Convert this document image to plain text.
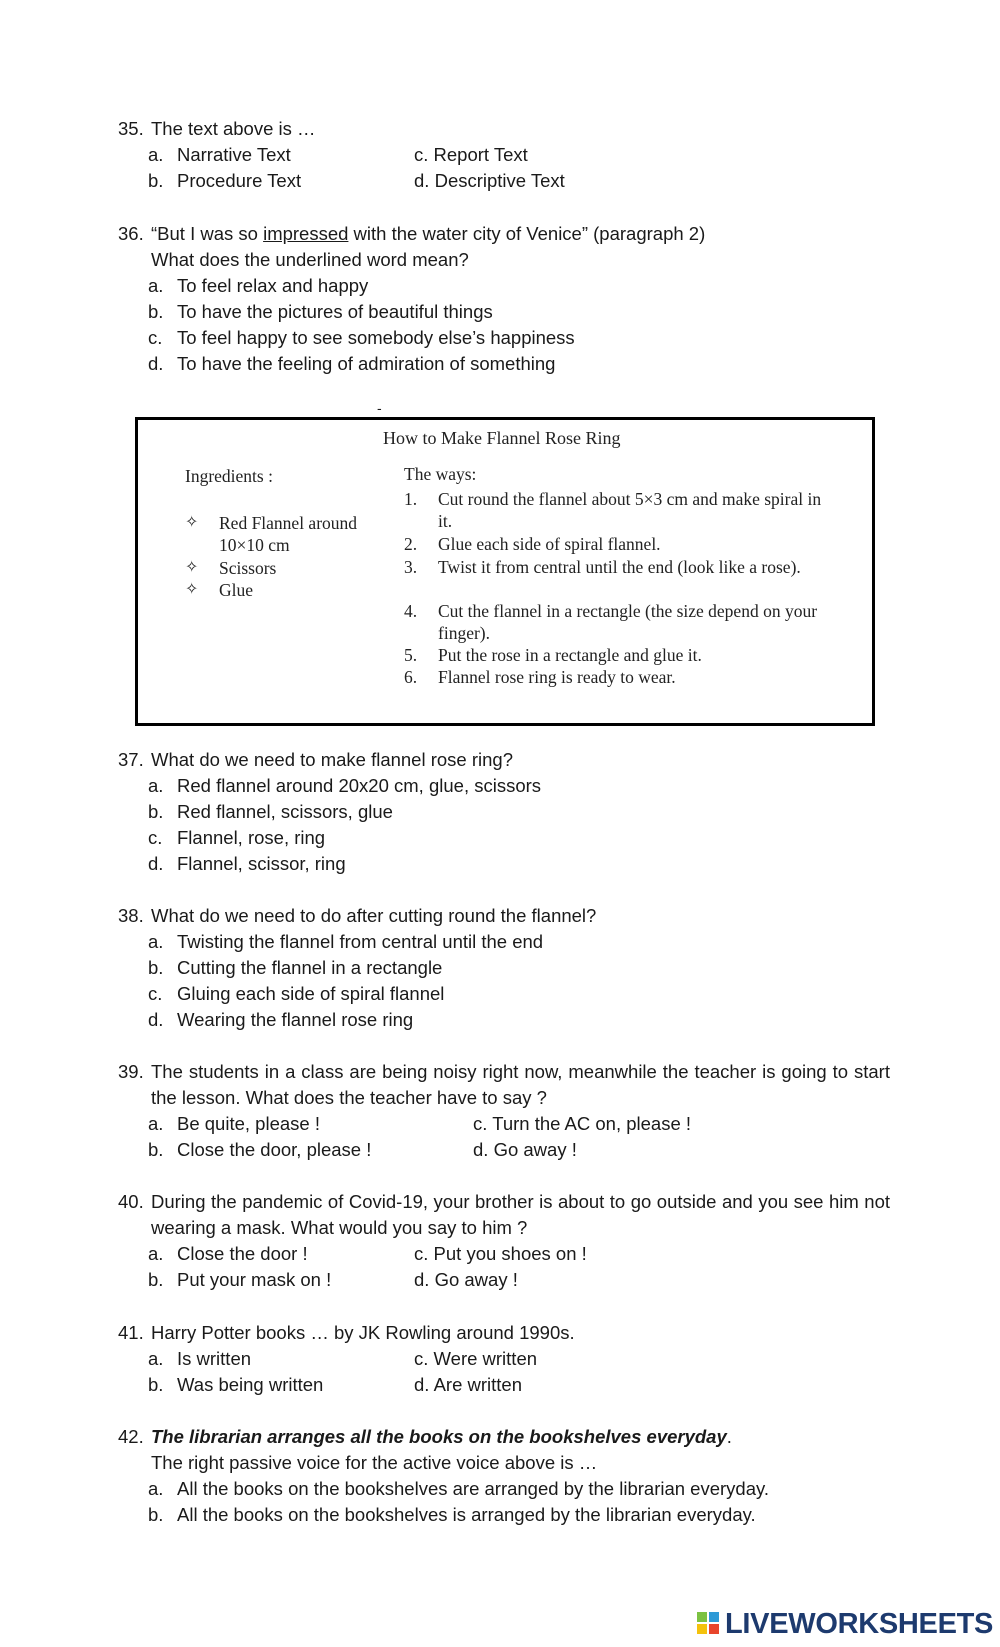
35. The text above is …
a. Narrative Text	c. Report Text
b. Procedure Text	d. Descriptive Text
36. “But I was so impressed with the water city of Venice” (paragraph 2)
What does the underlined word mean?
a. To feel relax and happy
b. To have the pictures of beautiful things
c. To feel happy to see somebody else’s happiness
d. To have the feeling of admiration of something
-
How to Make Flannel Rose Ring
Ingredients :
✧ Red Flannel around 10×10 cm
✧ Scissors
✧ Glue
The ways:
1. Cut round the flannel about 5×3 cm and make spiral in it.
2. Glue each side of spiral flannel.
3. Twist it from central until the end (look like a rose).
4. Cut the flannel in a rectangle (the size depend on your finger).
5. Put the rose in a rectangle and glue it.
6. Flannel rose ring is ready to wear.
37. What do we need to make flannel rose ring?
a. Red flannel around 20x20 cm, glue, scissors
b. Red flannel, scissors, glue
c. Flannel, rose, ring
d. Flannel, scissor, ring
38. What do we need to do after cutting round the flannel?
a. Twisting the flannel from central until the end
b. Cutting the flannel in a rectangle
c. Gluing each side of spiral flannel
d. Wearing the flannel rose ring
39. The students in a class are being noisy right now, meanwhile the teacher is going to start the lesson. What does the teacher have to say ?
a. Be quite, please !	c. Turn the AC on, please !
b. Close the door, please !	d. Go away !
40. During the pandemic of Covid-19, your brother is about to go outside and you see him not wearing a mask. What would you say to him ?
a. Close the door !	c. Put you shoes on !
b. Put your mask on !	d. Go away !
41. Harry Potter books … by JK Rowling around 1990s.
a. Is written	c. Were written
b. Was being written	d. Are written
42. The librarian arranges all the books on the bookshelves everyday.
The right passive voice for the active voice above is …
a. All the books on the bookshelves are arranged by the librarian everyday.
b. All the books on the bookshelves is arranged by the librarian everyday.
LIVEWORKSHEETS
